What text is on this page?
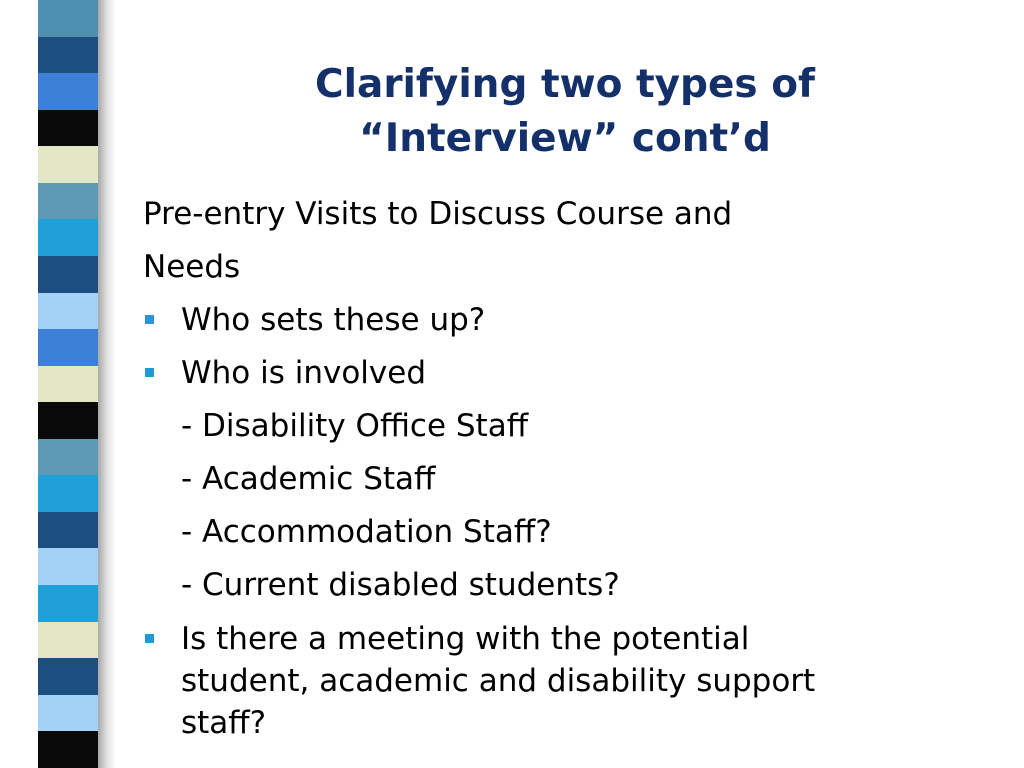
Clarifying two types of
“Interview” cont’d

Pre-entry Visits to Discuss Course and

Needs

Who sets these up?

Who is involved

- Disability Office Staff

- Academic Staff

- Accommodation Staff?

- Current disabled students?

Is there a meeting with the potential
student, academic and disability support
staff?
